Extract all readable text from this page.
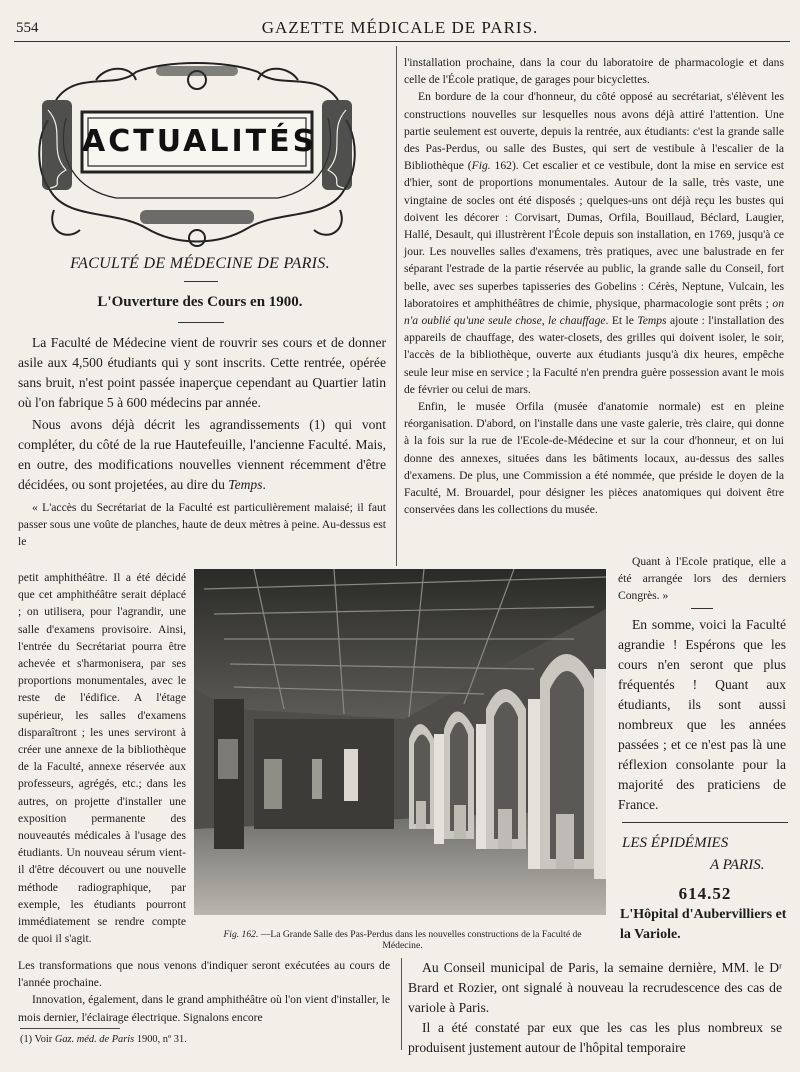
554	GAZETTE MÉDICALE DE PARIS.
ACTUALITÉS
FACULTÉ DE MÉDECINE DE PARIS.
L'Ouverture des Cours en 1900.

La Faculté de Médecine vient de rouvrir ses cours et de donner asile aux 4,500 étudiants qui y sont inscrits. Cette rentrée, opérée sans bruit, n'est point passée inaperçue cependant au Quartier latin où l'on fabrique 5 à 600 médecins par année.

Nous avons déjà décrit les agrandissements (1) qui vont compléter, du côté de la rue Hautefeuille, l'ancienne Faculté. Mais, en outre, des modifications nouvelles viennent récemment d'être décidées, ou sont projetées, au dire du Temps.

« L'accès du Secrétariat de la Faculté est particulièrement malaisé; il faut passer sous une voûte de planches, haute de deux mètres à peine. Au-dessus est le

petit amphithéâtre. Il a été décidé que cet amphithéâtre serait déplacé ; on utilisera, pour l'agrandir, une salle d'examens provisoire. Ainsi, l'entrée du Secrétariat pourra être achevée et s'harmonisera, par ses proportions monumentales, avec le reste de l'édifice. A l'étage supérieur, les salles d'examens disparaîtront ; les unes serviront à créer une annexe de la bibliothèque de la Faculté, annexe réservée aux professeurs, agrégés, etc.; dans les autres, on projette d'installer une exposition permanente des nouveautés médicales à l'usage des étudiants. Un nouveau sérum vient-il d'être découvert ou une nouvelle méthode radiographique, par exemple, les étudiants pourront immédiatement se rendre compte de quoi il s'agit.	Fig. 162. —La Grande Salle des Pas-Perdus dans les nouvelles constructions de la Faculté de Médecine.

l'installation prochaine, dans la cour du laboratoire de pharmacologie et dans celle de l'École pratique, de garages pour bicyclettes.

En bordure de la cour d'honneur, du côté opposé au secrétariat, s'élèvent les constructions nouvelles sur lesquelles nous avons déjà attiré l'attention. Une partie seulement est ouverte, depuis la rentrée, aux étudiants: c'est la grande salle des Pas-Perdus, ou salle des Bustes, qui sert de vestibule à l'escalier de la Bibliothèque (Fig. 162). Cet escalier et ce vestibule, dont la mise en service est d'hier, sont de proportions monumentales. Autour de la salle, très vaste, une vingtaine de socles ont été disposés ; quelques-uns ont déjà reçu les bustes qui doivent les décorer : Corvisart, Dumas, Orfila, Bouillaud, Béclard, Laugier, Hallé, Desault, qui illustrèrent l'École depuis son installation, en 1769, jusqu'à ce jour. Les nouvelles salles d'examens, très pratiques, avec une balustrade en fer séparant l'estrade de la partie réservée au public, la grande salle du Conseil, fort belle, avec ses superbes tapisseries des Gobelins : Cérès, Neptune, Vulcain, les laboratoires et amphithéâtres de chimie, physique, pharmacologie sont prêts ; on n'a oublié qu'une seule chose, le chauffage. Et le Temps ajoute : l'installation des appareils de chauffage, des water-closets, des grilles qui doivent isoler, le soir, l'accès de la bibliothèque, ouverte aux étudiants jusqu'à dix heures, empêche seule leur mise en service ; la Faculté n'en prendra guère possession avant le mois de février ou celui de mars.

Enfin, le musée Orfila (musée d'anatomie normale) est en pleine réorganisation. D'abord, on l'installe dans une vaste galerie, très claire, qui donne à la fois sur la rue de l'Ecole-de-Médecine et sur la cour d'honneur, et on lui donne des annexes, situées dans les bâtiments locaux, au-dessus des salles d'examens. De plus, une Commission a été nommée, que préside le doyen de la Faculté, M. Brouardel, pour désigner les pièces anatomiques qui doivent être conservées dans les collections du musée.

Quant à l'Ecole pratique, elle a été arrangée lors des derniers Congrès. »

En somme, voici la Faculté agrandie ! Espérons que les cours n'en seront que plus fréquentés ! Quant aux étudiants, ils sont aussi nombreux que les années passées ; et ce n'est pas là une réflexion consolante pour la majorité des praticiens de France.

LES ÉPIDÉMIES
A PARIS.
614.52
L'Hôpital d'Aubervilliers et la Variole.

Les transformations que nous venons d'indiquer seront exécutées au cours de l'année prochaine.

Innovation, également, dans le grand amphithéâtre où l'on vient d'installer, le mois dernier, l'éclairage électrique. Signalons encore

Au Conseil municipal de Paris, la semaine dernière, MM. le Dʳ Brard et Rozier, ont signalé à nouveau la recrudescence des cas de variole à Paris.

Il a été constaté par eux que les cas les plus nombreux se produisent justement autour de l'hôpital temporaire

(1) Voir Gaz. méd. de Paris 1900, nº 31.
